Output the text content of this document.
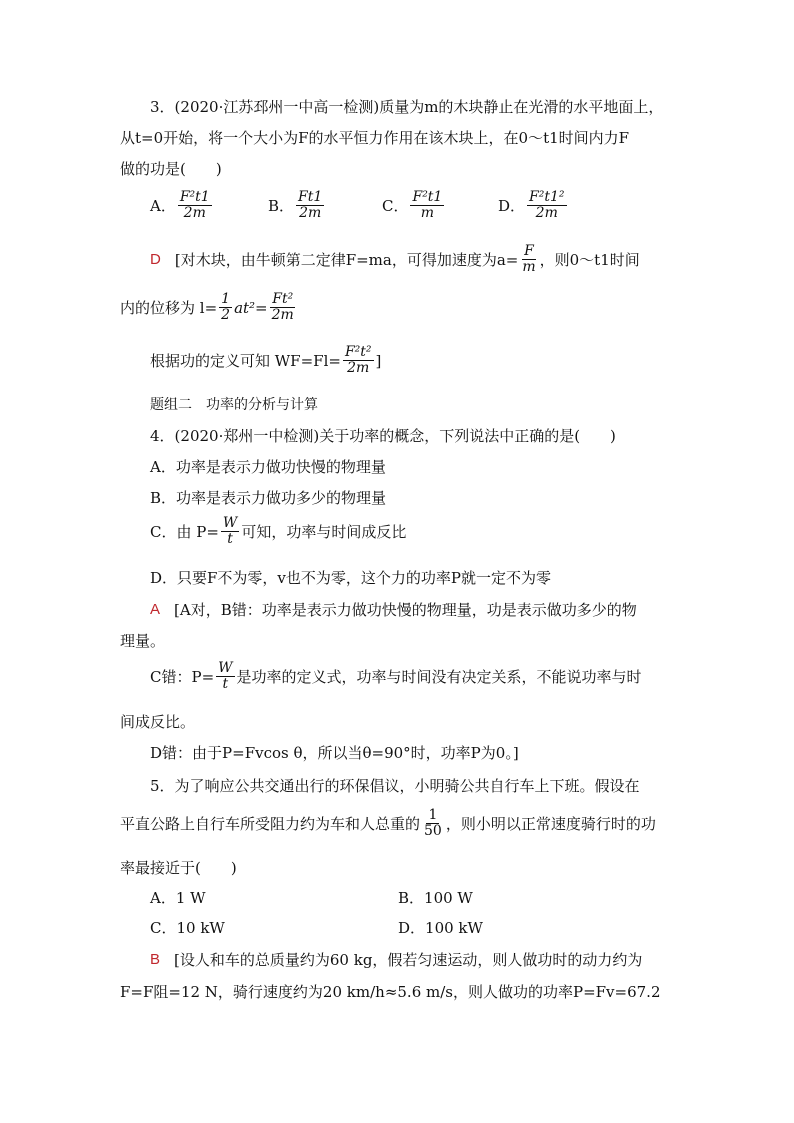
3．(2020·江苏邳州一中高一检测)质量为m的木块静止在光滑的水平地面上，
从t=0开始，将一个大小为F的水平恒力作用在该木块上，在0～t1时间内力F
做的功是(　　)
A． $\frac{\text{F²t1}}{2m}$	B． $\frac{Ft1}{2m}$	C． $\frac{\text{F²t1}}{m}$	D． $\frac{\text{F²t1²}}{2m}$
D [对木块，由牛顿第二定律F=ma，可得加速度为$a= \frac{F}{m}$ ，则0～t1时间
内的位移为 $l= \frac{1}{2} at^2= \frac{\text{Ft²}}{2m}$
根据功的定义可知 $WF=Fl= \frac{\text{F²t²}}{2m}$ ]
题组二　功率的分析与计算
4．(2020·郑州一中检测)关于功率的概念，下列说法中正确的是(　　)
A．功率是表示力做功快慢的物理量
B．功率是表示力做功多少的物理量
C．由 $P= \frac{W}{t}$ 可知，功率与时间成反比
D．只要F不为零，v也不为零，这个力的功率P就一定不为零
A [A对，B错：功率是表示力做功快慢的物理量，功是表示做功多少的物
理量。
C错：$P= \frac{W}{t}$ 是功率的定义式，功率与时间没有决定关系，不能说功率与时
间成反比。
D错：由于P=Fvcos θ，所以当θ=90°时，功率P为0。]
5．为了响应公共交通出行的环保倡议，小明骑公共自行车上下班。假设在
平直公路上自行车所受阻力约为车和人总重的 $\frac{1}{50}$ ，则小明以正常速度骑行时的功
率最接近于(　　)
A．1 W	B．100 W
C．10 kW	D．100 kW
B [设人和车的总质量约为60 kg，假若匀速运动，则人做功时的动力约为
F=F阻=12 N，骑行速度约为20 km/h≈5.6 m/s，则人做功的功率P=Fv=67.2
